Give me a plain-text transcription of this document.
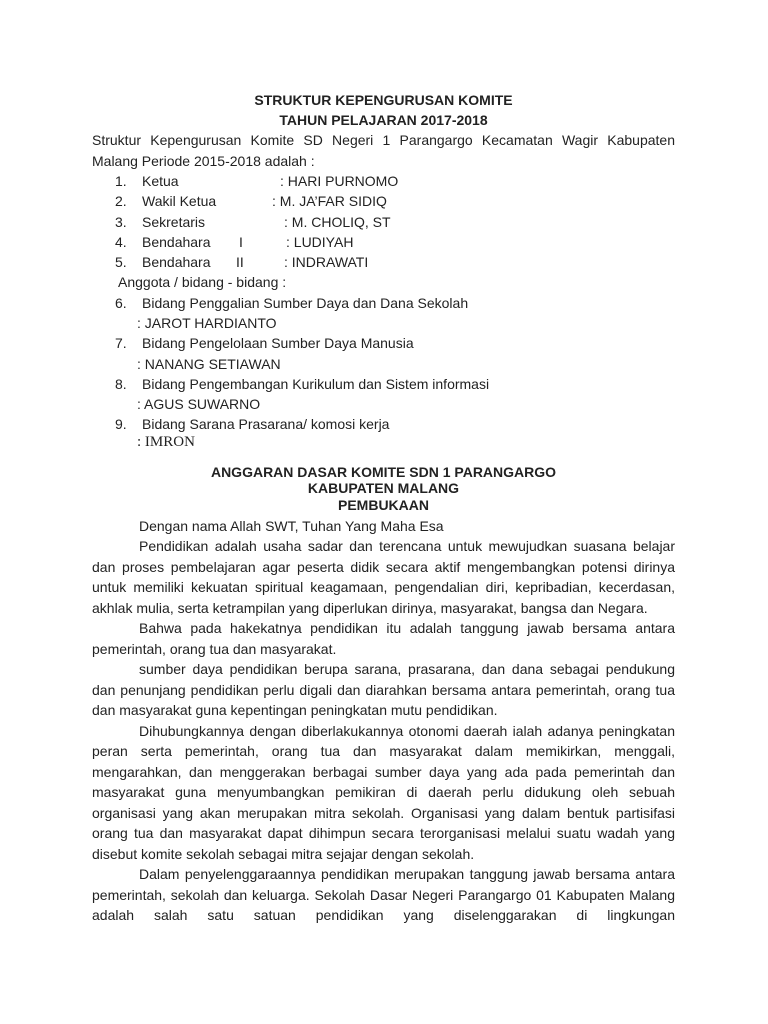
STRUKTUR KEPENGURUSAN KOMITE
TAHUN PELAJARAN 2017-2018
Struktur Kepengurusan Komite SD Negeri 1 Parangargo Kecamatan Wagir Kabupaten
Malang Periode 2015-2018 adalah :
1. Ketua	: HARI PURNOMO
2. Wakil Ketua	: M. JA’FAR SIDIQ
3. Sekretaris	: M. CHOLIQ, ST
4. Bendahara I	: LUDIYAH
5. Bendahara II	: INDRAWATI
Anggota / bidang - bidang :
6. Bidang Penggalian Sumber Daya dan Dana Sekolah
: JAROT HARDIANTO
7. Bidang Pengelolaan Sumber Daya Manusia
: NANANG SETIAWAN
8. Bidang Pengembangan Kurikulum dan Sistem informasi
: AGUS SUWARNO
9. Bidang Sarana Prasarana/ komosi kerja
: IMRON
ANGGARAN DASAR KOMITE SDN 1 PARANGARGO
KABUPATEN MALANG
PEMBUKAAN
Dengan nama Allah SWT, Tuhan Yang Maha Esa
Pendidikan adalah usaha sadar dan terencana untuk mewujudkan suasana belajar
dan proses pembelajaran agar peserta didik secara aktif mengembangkan potensi dirinya
untuk memiliki kekuatan spiritual keagamaan, pengendalian diri, kepribadian, kecerdasan,
akhlak mulia, serta ketrampilan yang diperlukan dirinya, masyarakat, bangsa dan Negara.
Bahwa pada hakekatnya pendidikan itu adalah tanggung jawab bersama antara
pemerintah, orang tua dan masyarakat.
sumber daya pendidikan berupa sarana, prasarana, dan dana sebagai pendukung
dan penunjang pendidikan perlu digali dan diarahkan bersama antara pemerintah, orang tua
dan masyarakat guna kepentingan peningkatan mutu pendidikan.
Dihubungkannya dengan diberlakukannya otonomi daerah ialah adanya peningkatan
peran serta pemerintah, orang tua dan masyarakat dalam memikirkan, menggali,
mengarahkan, dan menggerakan berbagai sumber daya yang ada pada pemerintah dan
masyarakat guna menyumbangkan pemikiran di daerah perlu didukung oleh sebuah
organisasi yang akan merupakan mitra sekolah. Organisasi yang dalam bentuk partisifasi
orang tua dan masyarakat dapat dihimpun secara terorganisasi melalui suatu wadah yang
disebut komite sekolah sebagai mitra sejajar dengan sekolah.
Dalam penyelenggaraannya pendidikan merupakan tanggung jawab bersama antara
pemerintah, sekolah dan keluarga. Sekolah Dasar Negeri Parangargo 01 Kabupaten Malang
adalah salah satu satuan pendidikan yang diselenggarakan di lingkungan
